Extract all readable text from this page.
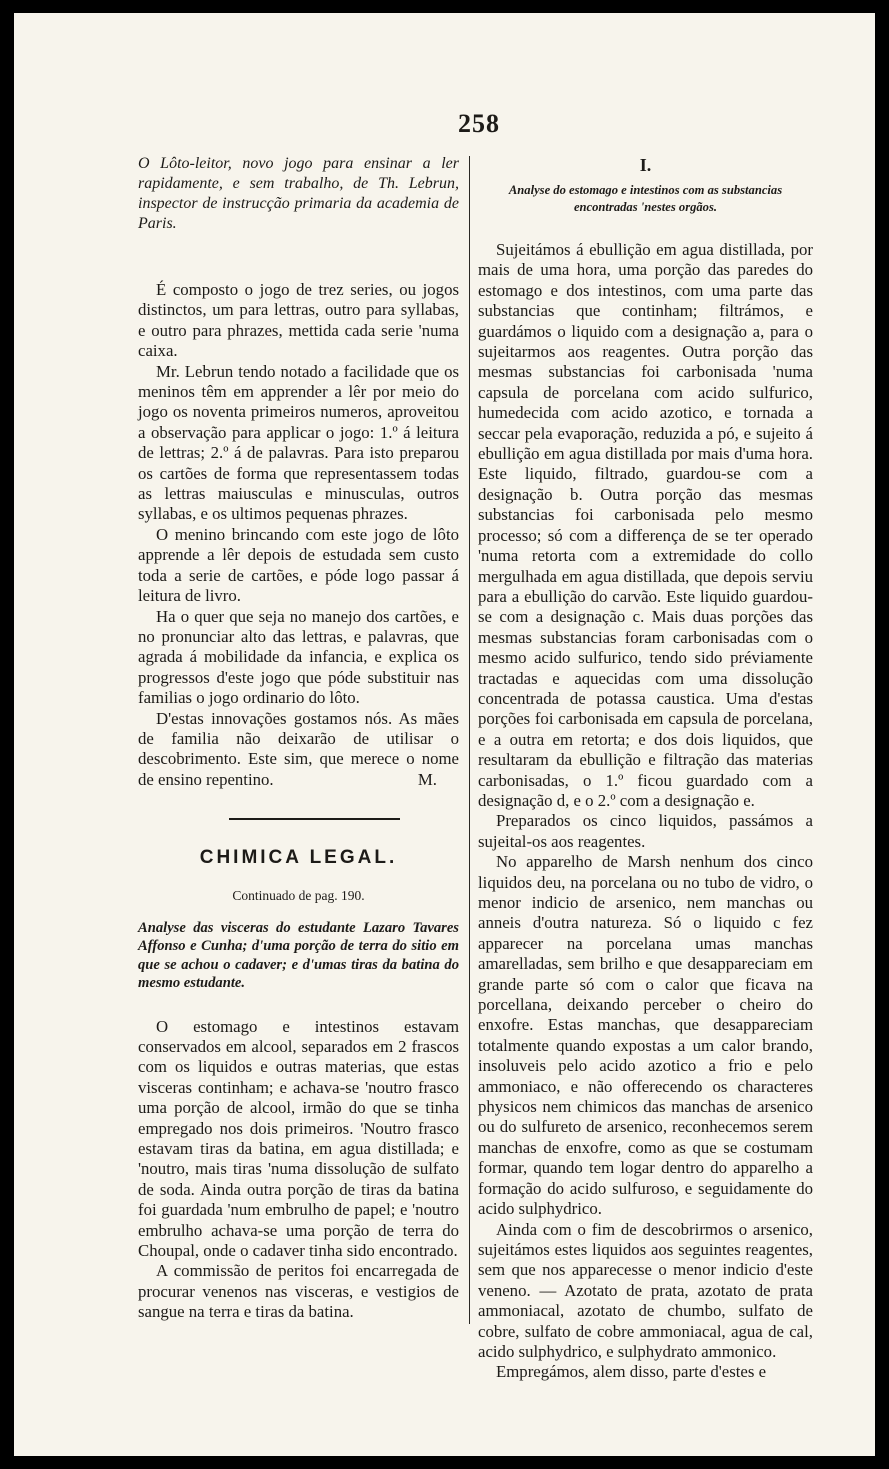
258

O Lôto-leitor, novo jogo para ensinar a ler rapidamente, e sem trabalho, de Th. Lebrun, inspector de instrucção primaria da academia de Paris.

É composto o jogo de trez series, ou jogos distinctos, um para lettras, outro para syllabas, e outro para phrazes, mettida cada serie 'numa caixa.

Mr. Lebrun tendo notado a facilidade que os meninos têm em apprender a lêr por meio do jogo os noventa primeiros numeros, aproveitou a observação para applicar o jogo: 1.º á leitura de lettras; 2.º á de palavras. Para isto preparou os cartões de forma que representassem todas as lettras maiusculas e minusculas, outros syllabas, e os ultimos pequenas phrazes.

O menino brincando com este jogo de lôto apprende a lêr depois de estudada sem custo toda a serie de cartões, e póde logo passar á leitura de livro.

Ha o quer que seja no manejo dos cartões, e no pronunciar alto das lettras, e palavras, que agrada á mobilidade da infancia, e explica os progressos d'este jogo que póde substituir nas familias o jogo ordinario do lôto.

D'estas innovações gostamos nós. As mães de familia não deixarão de utilisar o descobrimento. Este sim, que merece o nome de ensino repentino.	M.

CHIMICA LEGAL.

Continuado de pag. 190.

Analyse das visceras do estudante Lazaro Tavares Affonso e Cunha; d'uma porção de terra do sitio em que se achou o cadaver; e d'umas tiras da batina do mesmo estudante.

O estomago e intestinos estavam conservados em alcool, separados em 2 frascos com os liquidos e outras materias, que estas visceras continham; e achava-se 'noutro frasco uma porção de alcool, irmão do que se tinha empregado nos dois primeiros. 'Noutro frasco estavam tiras da batina, em agua distillada; e 'noutro, mais tiras 'numa dissolução de sulfato de soda. Ainda outra porção de tiras da batina foi guardada 'num embrulho de papel; e 'noutro embrulho achava-se uma porção de terra do Choupal, onde o cadaver tinha sido encontrado.

A commissão de peritos foi encarregada de procurar venenos nas visceras, e vestigios de sangue na terra e tiras da batina.

I.
Analyse do estomago e intestinos com as substancias encontradas 'nestes orgãos.

Sujeitámos á ebullição em agua distillada, por mais de uma hora, uma porção das paredes do estomago e dos intestinos, com uma parte das substancias que continham; filtrámos, e guardámos o liquido com a designação a, para o sujeitarmos aos reagentes. Outra porção das mesmas substancias foi carbonisada 'numa capsula de porcelana com acido sulfurico, humedecida com acido azotico, e tornada a seccar pela evaporação, reduzida a pó, e sujeito á ebullição em agua distillada por mais d'uma hora. Este liquido, filtrado, guardou-se com a designação b. Outra porção das mesmas substancias foi carbonisada pelo mesmo processo; só com a differença de se ter operado 'numa retorta com a extremidade do collo mergulhada em agua distillada, que depois serviu para a ebullição do carvão. Este liquido guardou-se com a designação c. Mais duas porções das mesmas substancias foram carbonisadas com o mesmo acido sulfurico, tendo sido préviamente tractadas e aquecidas com uma dissolução concentrada de potassa caustica. Uma d'estas porções foi carbonisada em capsula de porcelana, e a outra em retorta; e dos dois liquidos, que resultaram da ebullição e filtração das materias carbonisadas, o 1.º ficou guardado com a designação d, e o 2.º com a designação e.

Preparados os cinco liquidos, passámos a sujeital-os aos reagentes.

No apparelho de Marsh nenhum dos cinco liquidos deu, na porcelana ou no tubo de vidro, o menor indicio de arsenico, nem manchas ou anneis d'outra natureza. Só o liquido c fez apparecer na porcelana umas manchas amarelladas, sem brilho e que desappareciam em grande parte só com o calor que ficava na porcellana, deixando perceber o cheiro do enxofre. Estas manchas, que desappareciam totalmente quando expostas a um calor brando, insoluveis pelo acido azotico a frio e pelo ammoniaco, e não offerecendo os characteres physicos nem chimicos das manchas de arsenico ou do sulfureto de arsenico, reconhecemos serem manchas de enxofre, como as que se costumam formar, quando tem logar dentro do apparelho a formação do acido sulfuroso, e seguidamente do acido sulphydrico.

Ainda com o fim de descobrirmos o arsenico, sujeitámos estes liquidos aos seguintes reagentes, sem que nos apparecesse o menor indicio d'este veneno. — Azotato de prata, azotato de prata ammoniacal, azotato de chumbo, sulfato de cobre, sulfato de cobre ammoniacal, agua de cal, acido sulphydrico, e sulphydrato ammonico.

Empregámos, alem disso, parte d'estes e
